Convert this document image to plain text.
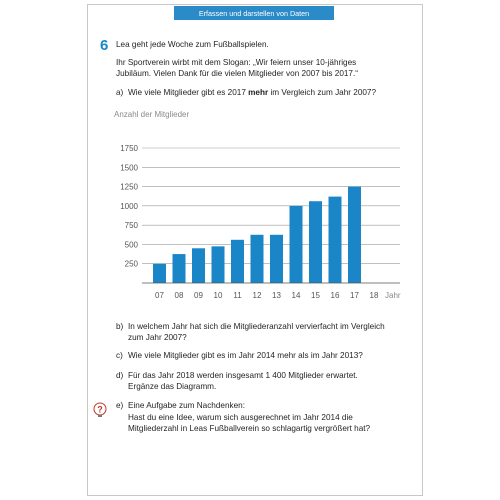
Erfassen und darstellen von Daten
6 Lea geht jede Woche zum Fußballspielen.
Ihr Sportverein wirbt mit dem Slogan: „Wir feiern unser 10-jähriges
Jubiläum. Vielen Dank für die vielen Mitglieder von 2007 bis 2017.“
a) Wie viele Mitglieder gibt es 2017 mehr im Vergleich zum Jahr 2007?
Anzahl der Mitglieder
250
500
750
1000
1250
1500
1750
07 08 09 10 11 12 13 14 15 16 17 18 Jahr
b) In welchem Jahr hat sich die Mitgliederanzahl vervierfacht im Vergleich
zum Jahr 2007?
c) Wie viele Mitglieder gibt es im Jahr 2014 mehr als im Jahr 2013?
d) Für das Jahr 2018 werden insgesamt 1 400 Mitglieder erwartet.
Ergänze das Diagramm.
? e) Eine Aufgabe zum Nachdenken:
Hast du eine Idee, warum sich ausgerechnet im Jahr 2014 die
Mitgliederzahl in Leas Fußballverein so schlagartig vergrößert hat?
